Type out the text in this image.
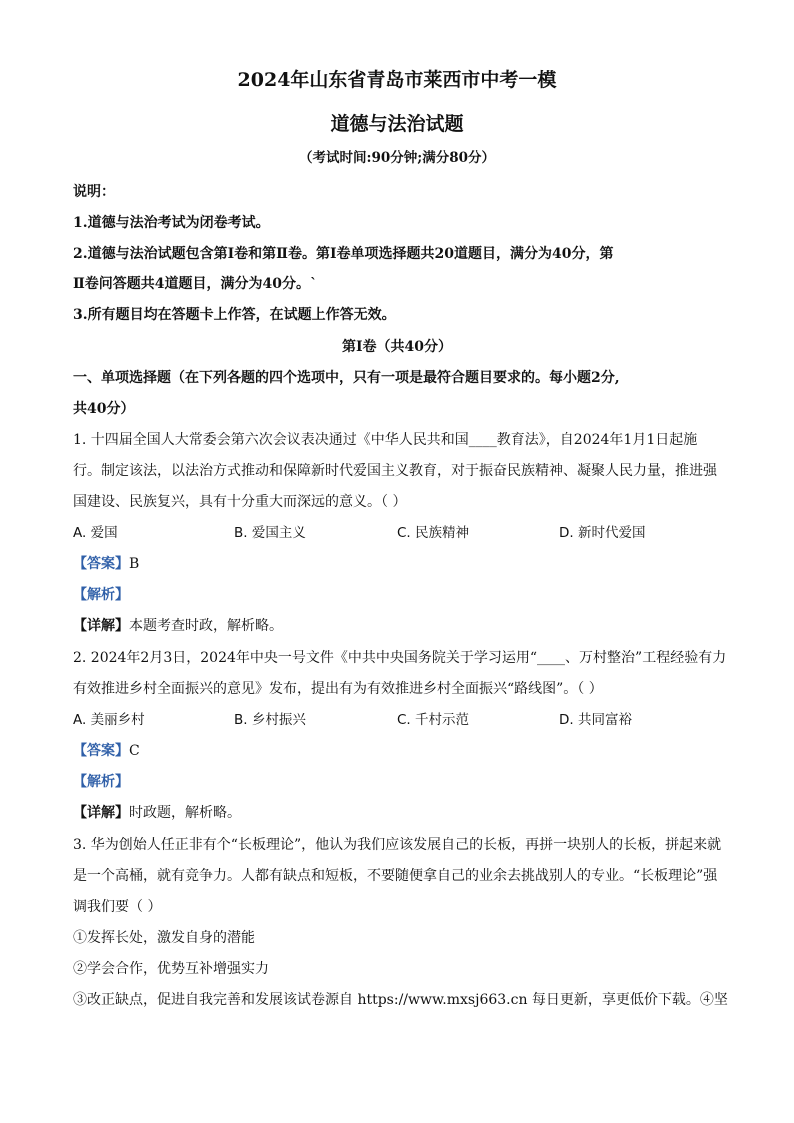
2024年山东省青岛市莱西市中考一模
道德与法治试题
（考试时间:90分钟;满分80分）
说明：
1.道德与法治考试为闭卷考试。
2.道德与法治试题包含第Ⅰ卷和第Ⅱ卷。第Ⅰ卷单项选择题共20道题目，满分为40分，第
Ⅱ卷问答题共4道题目，满分为40分。`
3.所有题目均在答题卡上作答，在试题上作答无效。
第Ⅰ卷（共40分）
一、单项选择题（在下列各题的四个选项中，只有一项是最符合题目要求的。每小题2分,
共40分）
1. 十四届全国人大常委会第六次会议表决通过《中华人民共和国____教育法》，自2024年1月1日起施
行。制定该法，以法治方式推动和保障新时代爱国主义教育，对于振奋民族精神、凝聚人民力量，推进强
国建设、民族复兴，具有十分重大而深远的意义。（ ）
A. 爱国	B. 爱国主义	C. 民族精神	D. 新时代爱国
【答案】B
【解析】
【详解】本题考查时政，解析略。
2. 2024年2月3日，2024年中央一号文件《中共中央国务院关于学习运用“____、万村整治”工程经验有力
有效推进乡村全面振兴的意见》发布，提出有为有效推进乡村全面振兴“路线图”。（ ）
A. 美丽乡村	B. 乡村振兴	C. 千村示范	D. 共同富裕
【答案】C
【解析】
【详解】时政题，解析略。
3. 华为创始人任正非有个“长板理论”，他认为我们应该发展自己的长板，再拼一块别人的长板，拼起来就
是一个高桶，就有竞争力。人都有缺点和短板，不要随便拿自己的业余去挑战别人的专业。“长板理论”强
调我们要（ ）
①发挥长处，激发自身的潜能
②学会合作，优势互补增强实力
③改正缺点，促进自我完善和发展该试卷源自 https://www.mxsj663.cn 每日更新，享更低价下载。④坚
